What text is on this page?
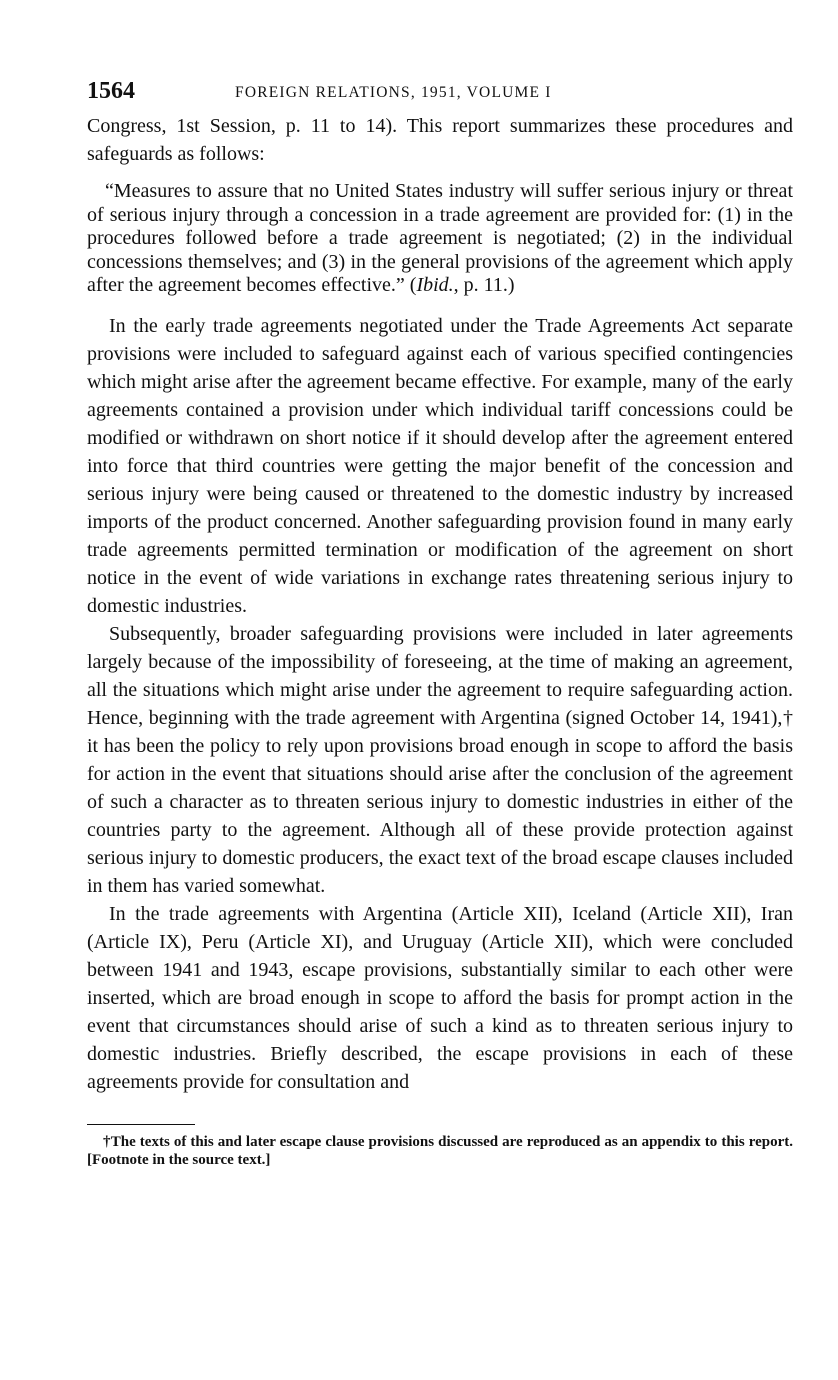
1564	FOREIGN RELATIONS, 1951, VOLUME I

Congress, 1st Session, p. 11 to 14). This report summarizes these procedures and safeguards as follows:

“Measures to assure that no United States industry will suffer serious injury or threat of serious injury through a concession in a trade agreement are provided for: (1) in the procedures followed before a trade agreement is negotiated; (2) in the individual concessions themselves; and (3) in the general provisions of the agreement which apply after the agreement becomes effective.” (Ibid., p. 11.)

In the early trade agreements negotiated under the Trade Agreements Act separate provisions were included to safeguard against each of various specified contingencies which might arise after the agreement became effective. For example, many of the early agreements contained a provision under which individual tariff concessions could be modified or withdrawn on short notice if it should develop after the agreement entered into force that third countries were getting the major benefit of the concession and serious injury were being caused or threatened to the domestic industry by increased imports of the product concerned. Another safeguarding provision found in many early trade agreements permitted termination or modification of the agreement on short notice in the event of wide variations in exchange rates threatening serious injury to domestic industries.

Subsequently, broader safeguarding provisions were included in later agreements largely because of the impossibility of foreseeing, at the time of making an agreement, all the situations which might arise under the agreement to require safeguarding action. Hence, beginning with the trade agreement with Argentina (signed October 14, 1941),† it has been the policy to rely upon provisions broad enough in scope to afford the basis for action in the event that situations should arise after the conclusion of the agreement of such a character as to threaten serious injury to domestic industries in either of the countries party to the agreement. Although all of these provide protection against serious injury to domestic producers, the exact text of the broad escape clauses included in them has varied somewhat.

In the trade agreements with Argentina (Article XII), Iceland (Article XII), Iran (Article IX), Peru (Article XI), and Uruguay (Article XII), which were concluded between 1941 and 1943, escape provisions, substantially similar to each other were inserted, which are broad enough in scope to afford the basis for prompt action in the event that circumstances should arise of such a kind as to threaten serious injury to domestic industries. Briefly described, the escape provisions in each of these agreements provide for consultation and

†The texts of this and later escape clause provisions discussed are reproduced as an appendix to this report. [Footnote in the source text.]
